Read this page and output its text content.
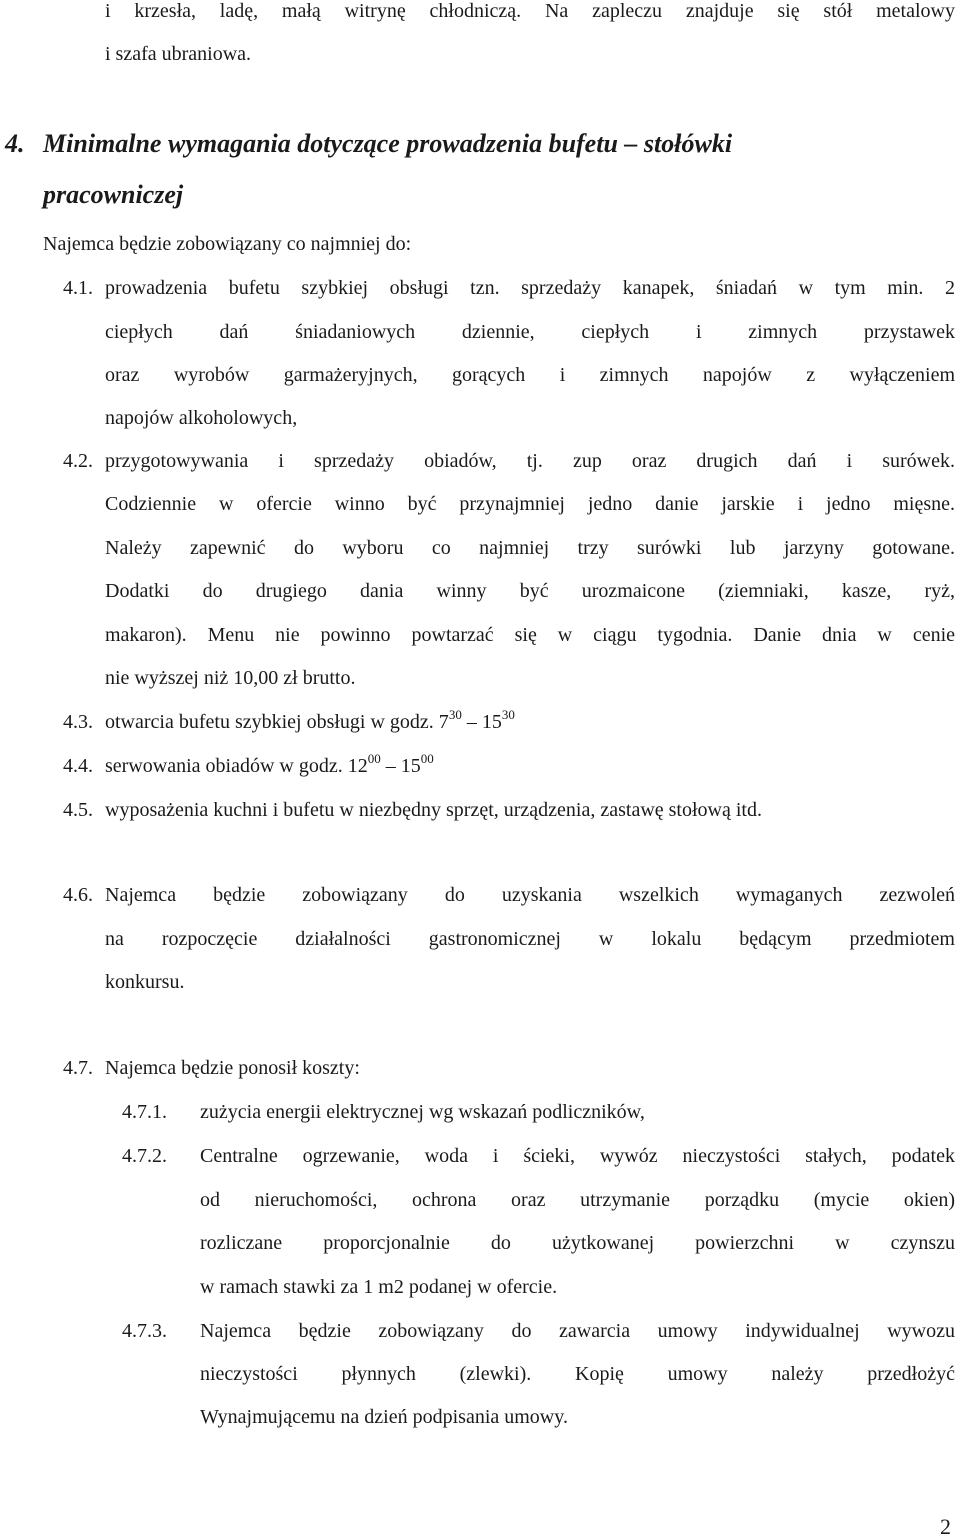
i krzesła, ladę, małą witrynę chłodniczą. Na zapleczu znajduje się stół metalowy
i szafa ubraniowa.
4. Minimalne wymagania dotyczące prowadzenia bufetu – stołówki
pracowniczej
Najemca będzie zobowiązany co najmniej do:
4.1. prowadzenia bufetu szybkiej obsługi tzn. sprzedaży kanapek, śniadań w tym min. 2
ciepłych dań śniadaniowych dziennie, ciepłych i zimnych przystawek
oraz wyrobów garmażeryjnych, gorących i zimnych napojów z wyłączeniem
napojów alkoholowych,
4.2. przygotowywania i sprzedaży obiadów, tj. zup oraz drugich dań i surówek.
Codziennie w ofercie winno być przynajmniej jedno danie jarskie i jedno mięsne.
Należy zapewnić do wyboru co najmniej trzy surówki lub jarzyny gotowane.
Dodatki do drugiego dania winny być urozmaicone (ziemniaki, kasze, ryż,
makaron). Menu nie powinno powtarzać się w ciągu tygodnia. Danie dnia w cenie
nie wyższej niż 10,00 zł brutto.
4.3. otwarcia bufetu szybkiej obsługi w godz. $7^{30} - 15^{30}$
4.4. serwowania obiadów w godz. $12^{00} - 15^{00}$
4.5. wyposażenia kuchni i bufetu w niezbędny sprzęt, urządzenia, zastawę stołową itd.
4.6. Najemca będzie zobowiązany do uzyskania wszelkich wymaganych zezwoleń
na rozpoczęcie działalności gastronomicznej w lokalu będącym przedmiotem
konkursu.
4.7. Najemca będzie ponosił koszty:
4.7.1. zużycia energii elektrycznej wg wskazań podliczników,
4.7.2. Centralne ogrzewanie, woda i ścieki, wywóz nieczystości stałych, podatek
od nieruchomości, ochrona oraz utrzymanie porządku (mycie okien)
rozliczane proporcjonalnie do użytkowanej powierzchni w czynszu
w ramach stawki za 1 m2 podanej w ofercie.
4.7.3. Najemca będzie zobowiązany do zawarcia umowy indywidualnej wywozu
nieczystości płynnych (zlewki). Kopię umowy należy przedłożyć
Wynajmującemu na dzień podpisania umowy.
2
